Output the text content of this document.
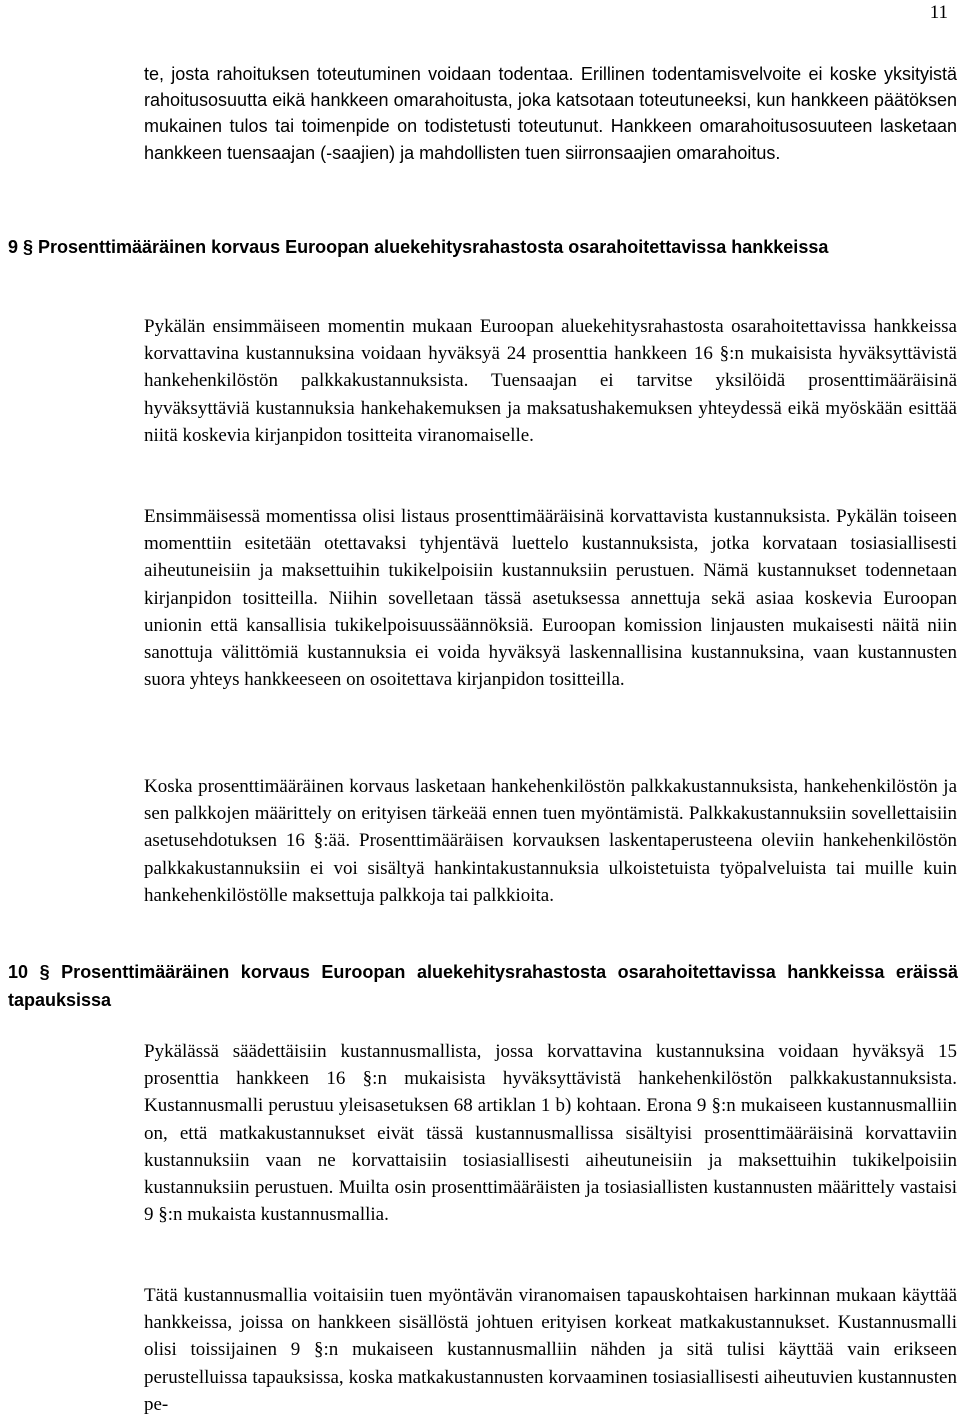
11

te, josta rahoituksen toteutuminen voidaan todentaa. Erillinen todentamisvelvoite ei koske yksityistä rahoitusosuutta eikä hankkeen omarahoitusta, joka katsotaan toteutuneeksi, kun hankkeen päätöksen mukainen tulos tai toimenpide on todistetusti toteutunut. Hankkeen omarahoitusosuuteen lasketaan hankkeen tuensaajan (-saajien) ja mahdollisten tuen siirronsaajien omarahoitus.

9 § Prosenttimääräinen korvaus Euroopan aluekehitysrahastosta osarahoitettavissa hankkeissa

Pykälän ensimmäiseen momentin mukaan Euroopan aluekehitysrahastosta osarahoitettavissa hankkeissa korvattavina kustannuksina voidaan hyväksyä 24 prosenttia hankkeen 16 §:n mukaisista hyväksyttävistä hankehenkilöstön palkkakustannuksista. Tuensaajan ei tarvitse yksilöidä prosenttimääräisinä hyväksyttäviä kustannuksia hankehakemuksen ja maksatushakemuksen yhteydessä eikä myöskään esittää niitä koskevia kirjanpidon tositteita viranomaiselle.

Ensimmäisessä momentissa olisi listaus prosenttimääräisinä korvattavista kustannuksista. Pykälän toiseen momenttiin esitetään otettavaksi tyhjentävä luettelo kustannuksista, jotka korvataan tosiasiallisesti aiheutuneisiin ja maksettuihin tukikelpoisiin kustannuksiin perustuen. Nämä kustannukset todennetaan kirjanpidon tositteilla. Niihin sovelletaan tässä asetuksessa annettuja sekä asiaa koskevia Euroopan unionin että kansallisia tukikelpoisuussäännöksiä. Euroopan komission linjausten mukaisesti näitä niin sanottuja välittömiä kustannuksia ei voida hyväksyä laskennallisina kustannuksina, vaan kustannusten suora yhteys hankkeeseen on osoitettava kirjanpidon tositteilla.

Koska prosenttimääräinen korvaus lasketaan hankehenkilöstön palkkakustannuksista, hankehenkilöstön ja sen palkkojen määrittely on erityisen tärkeää ennen tuen myöntämistä. Palkkakustannuksiin sovellettaisiin asetusehdotuksen 16 §:ää. Prosenttimääräisen korvauksen laskentaperusteena oleviin hankehenkilöstön palkkakustannuksiin ei voi sisältyä hankintakustannuksia ulkoistetuista työpalveluista tai muille kuin hankehenkilöstölle maksettuja palkkoja tai palkkioita.

10 § Prosenttimääräinen korvaus Euroopan aluekehitysrahastosta osarahoitettavissa hankkeissa eräissä tapauksissa

Pykälässä säädettäisiin kustannusmallista, jossa korvattavina kustannuksina voidaan hyväksyä 15 prosenttia hankkeen 16 §:n mukaisista hyväksyttävistä hankehenkilöstön palkkakustannuksista. Kustannusmalli perustuu yleisasetuksen 68 artiklan 1 b) kohtaan. Erona 9 §:n mukaiseen kustannusmalliin on, että matkakustannukset eivät tässä kustannusmallissa sisältyisi prosenttimääräisinä korvattaviin kustannuksiin vaan ne korvattaisiin tosiasiallisesti aiheutuneisiin ja maksettuihin tukikelpoisiin kustannuksiin perustuen. Muilta osin prosenttimääräisten ja tosiasiallisten kustannusten määrittely vastaisi 9 §:n mukaista kustannusmallia.

Tätä kustannusmallia voitaisiin tuen myöntävän viranomaisen tapauskohtaisen harkinnan mukaan käyttää hankkeissa, joissa on hankkeen sisällöstä johtuen erityisen korkeat matkakustannukset. Kustannusmalli olisi toissijainen 9 §:n mukaiseen kustannusmalliin nähden ja sitä tulisi käyttää vain erikseen perustelluissa tapauksissa, koska matkakustannusten korvaaminen tosiasiallisesti aiheutuvien kustannusten pe-
